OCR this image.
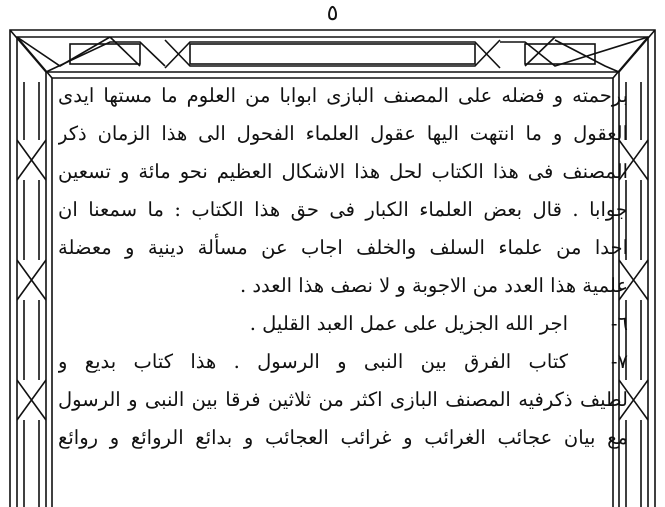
٥
برحمته و فضله على المصنف البازى ابوابا من العلوم ما مستها ايدى
العقول و ما انتهت اليها عقول العلماء الفحول الى هذا الزمان ذكر
المصنف فى هذا الكتاب لحل هذا الاشكال العظيم نحو مائة و تسعين
جوابا . قال بعض العلماء الكبار فى حق هذا الكتاب : ما سمعنا ان
احدا من علماء السلف والخلف اجاب عن مسألة دينية و معضلة
علمية هذا العدد من الاجوبة و لا نصف هذا العدد .
٦-
اجر الله الجزيل على عمل العبد القليل .
٧-
كتاب الفرق بين النبى و الرسول . هذا كتاب بديع و
لطيف ذكرفيه المصنف البازى اكثر من ثلاثين فرقا بين النبى و الرسول
مع بيان عجائب الغرائب و غرائب العجائب و بدائع الروائع و روائع
